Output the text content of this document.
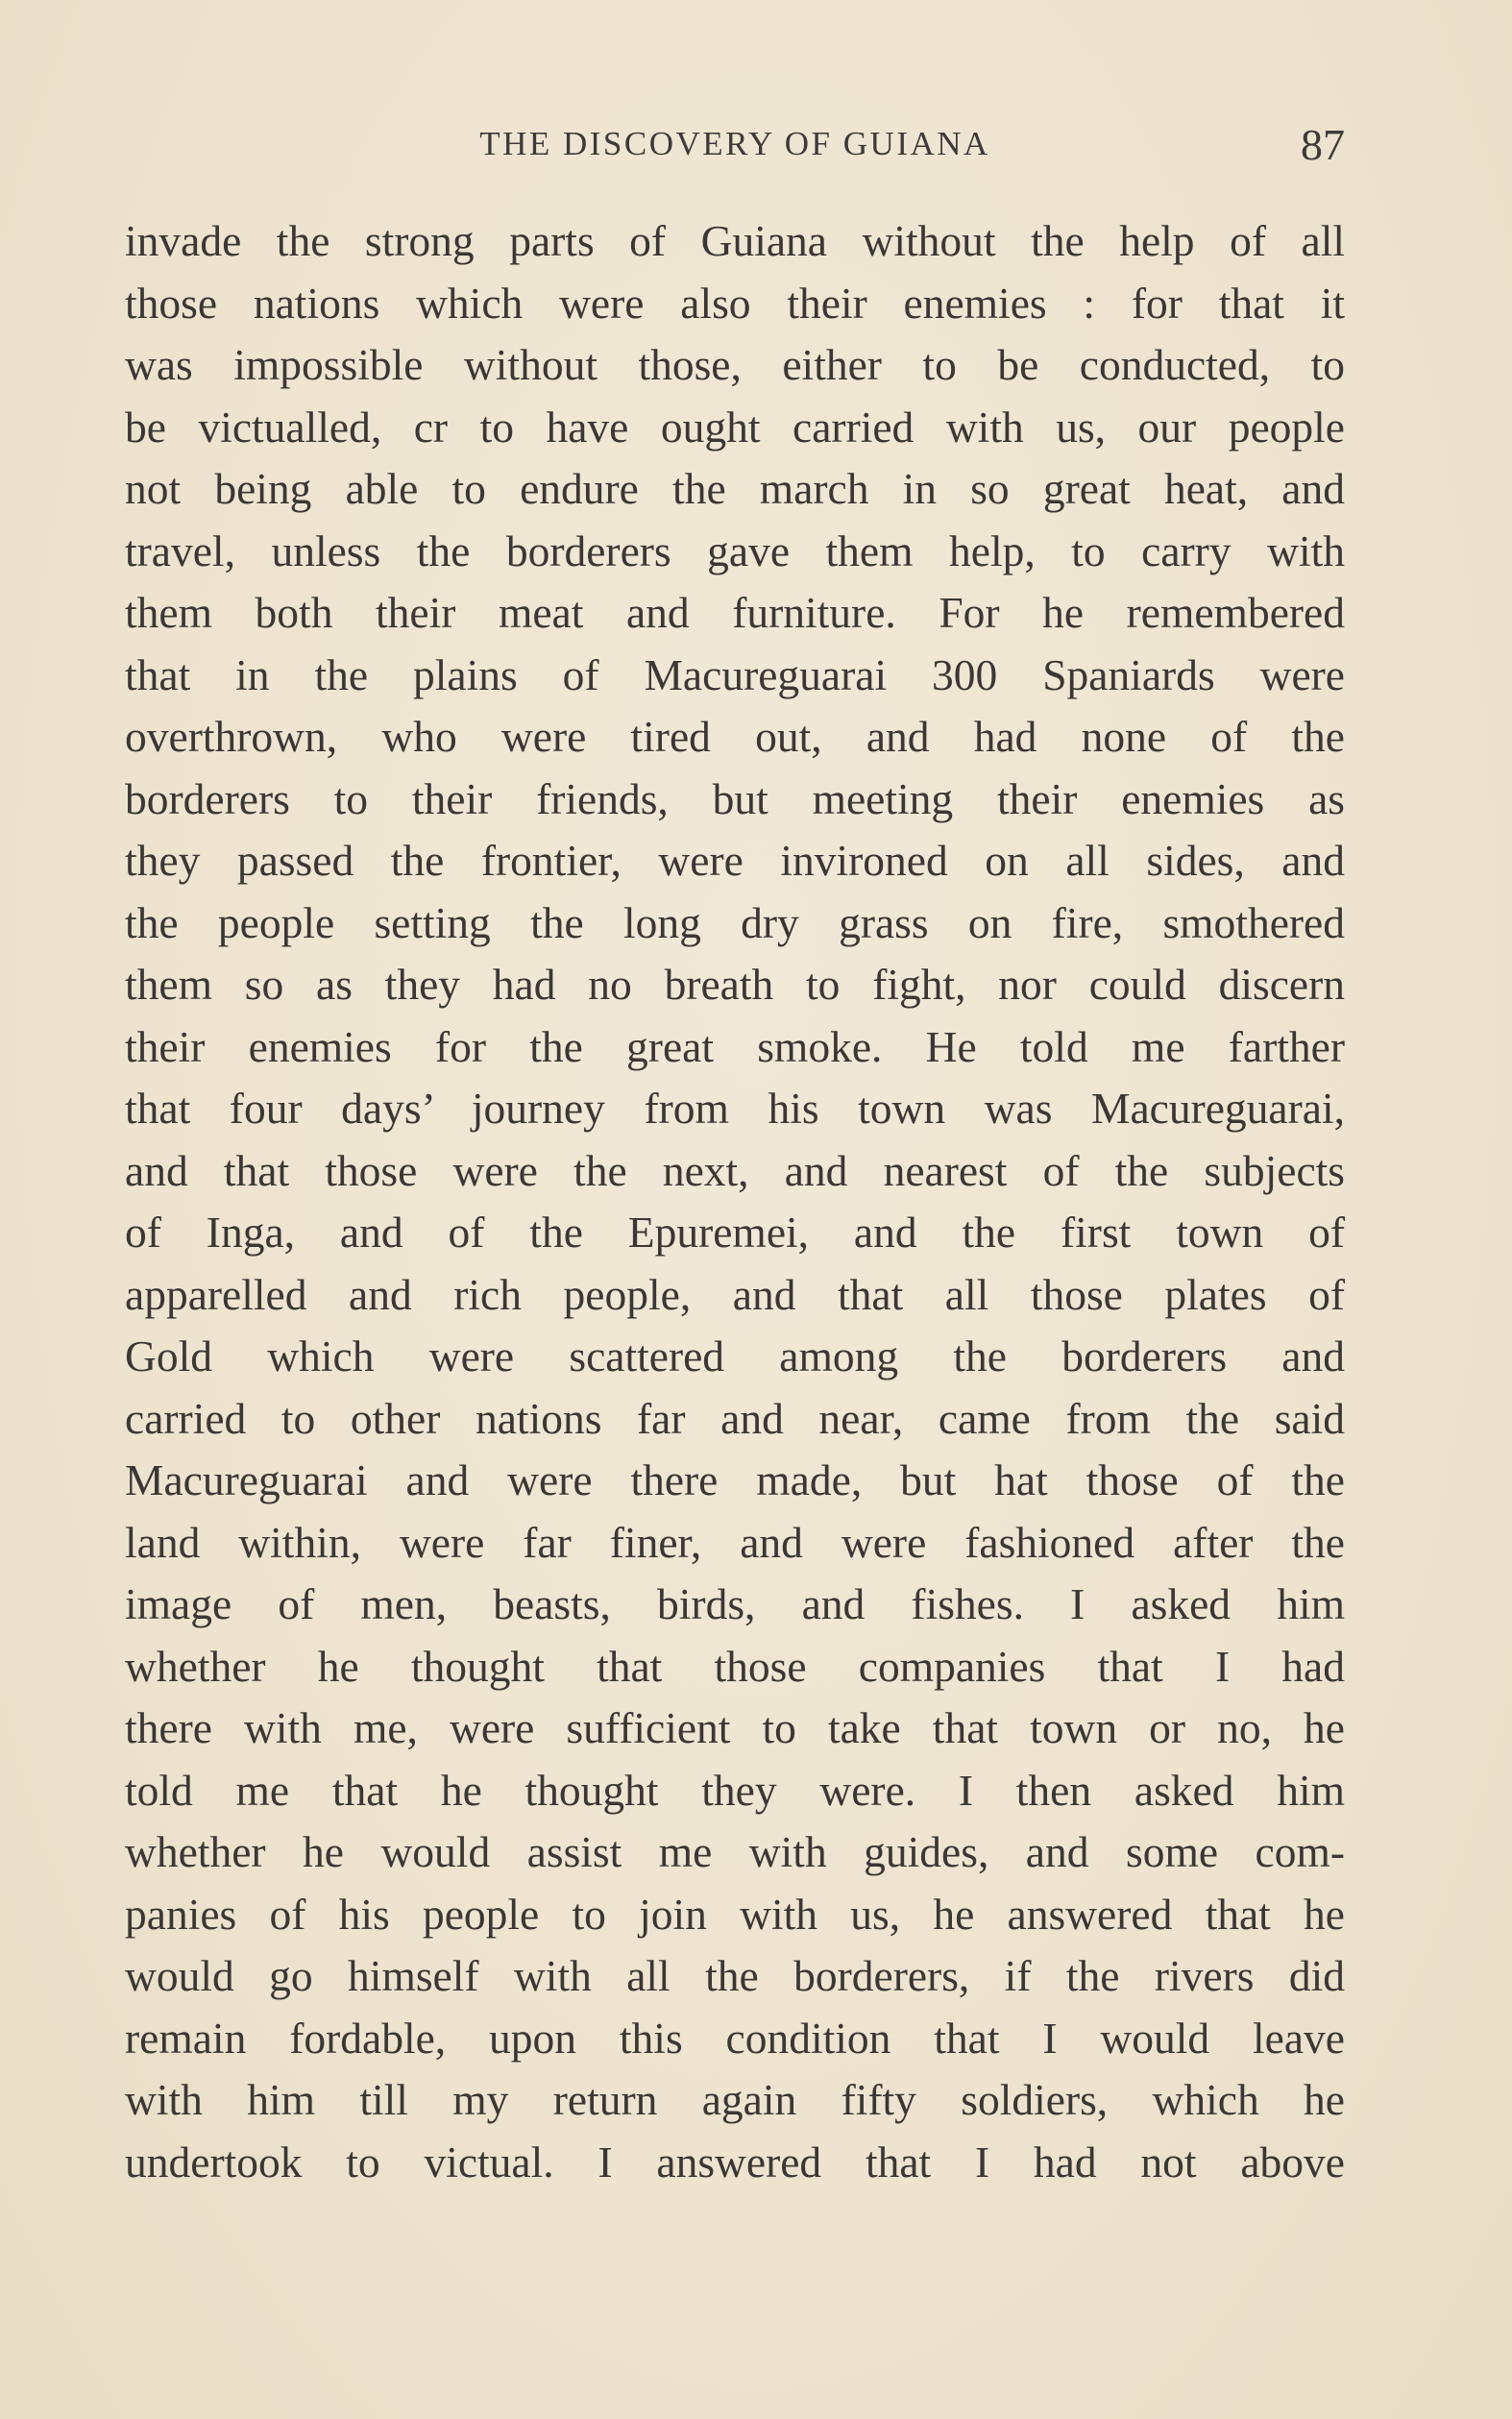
THE DISCOVERY OF GUIANA	87
invade the strong parts of Guiana without the help of all
those nations which were also their enemies : for that it
was impossible without those, either to be conducted, to
be victualled, cr to have ought carried with us, our people
not being able to endure the march in so great heat, and
travel, unless the borderers gave them help, to carry with
them both their meat and furniture. For he remembered
that in the plains of Macureguarai 300 Spaniards were
overthrown, who were tired out, and had none of the
borderers to their friends, but meeting their enemies as
they passed the frontier, were invironed on all sides, and
the people setting the long dry grass on fire, smothered
them so as they had no breath to fight, nor could discern
their enemies for the great smoke. He told me farther
that four days’ journey from his town was Macureguarai,
and that those were the next, and nearest of the subjects
of Inga, and of the Epuremei, and the first town of
apparelled and rich people, and that all those plates of
Gold which were scattered among the borderers and
carried to other nations far and near, came from the said
Macureguarai and were there made, but hat those of the
land within, were far finer, and were fashioned after the
image of men, beasts, birds, and fishes. I asked him
whether he thought that those companies that I had
there with me, were sufficient to take that town or no, he
told me that he thought they were. I then asked him
whether he would assist me with guides, and some com-
panies of his people to join with us, he answered that he
would go himself with all the borderers, if the rivers did
remain fordable, upon this condition that I would leave
with him till my return again fifty soldiers, which he
undertook to victual. I answered that I had not above
